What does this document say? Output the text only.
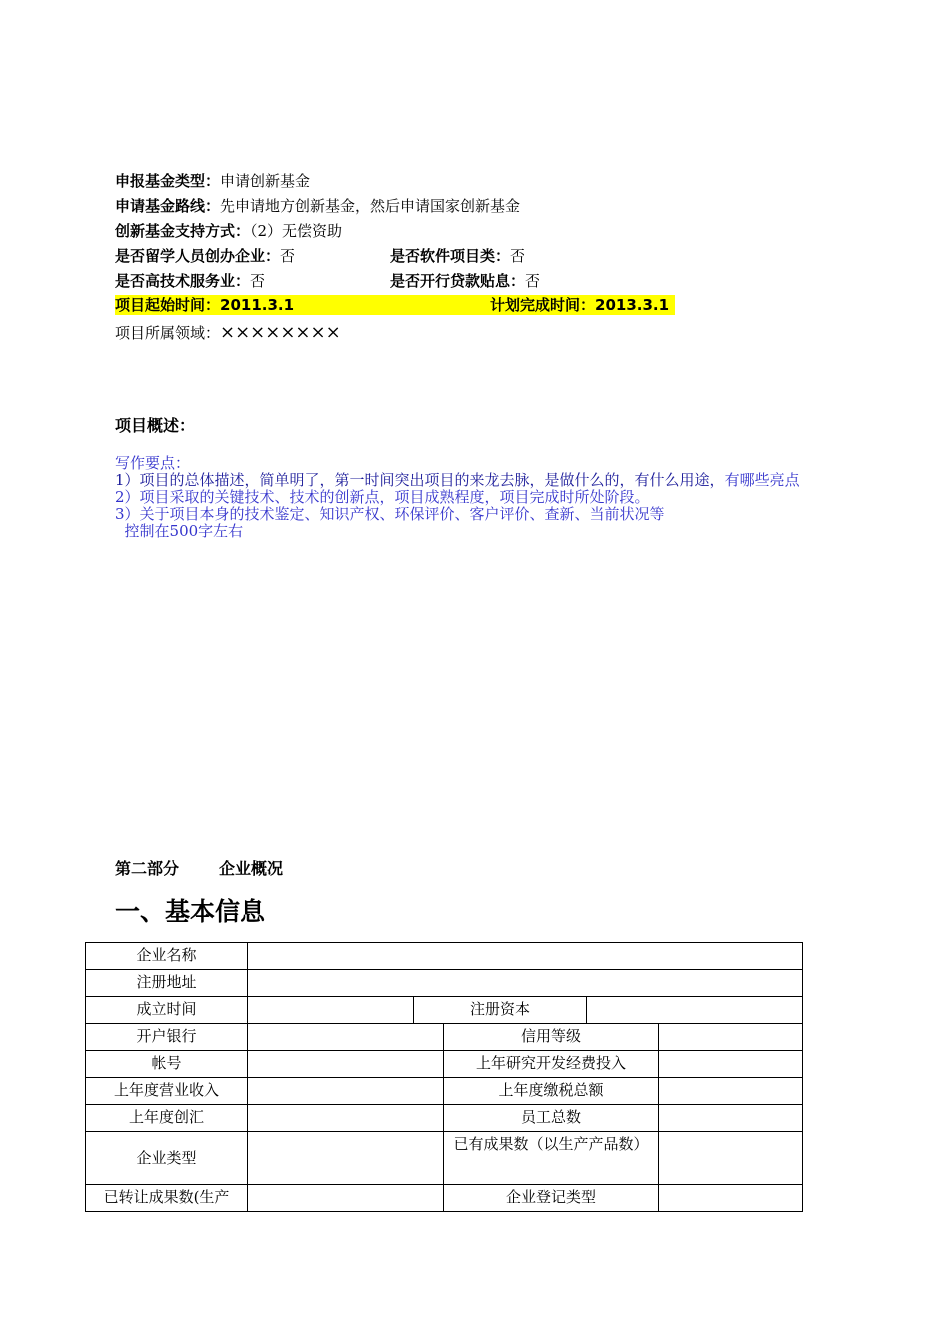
申报基金类型：申请创新基金
申请基金路线：先申请地方创新基金，然后申请国家创新基金
创新基金支持方式：（2）无偿资助
是否留学人员创办企业：否	是否软件项目类：否
是否高技术服务业：否	是否开行贷款贴息：否
项目起始时间：2011.3.1	计划完成时间：2013.3.1
项目所属领域：××××××××
项目概述：
写作要点：
1）项目的总体描述，简单明了，第一时间突出项目的来龙去脉，是做什么的，有什么用途，有哪些亮点
2）项目采取的关键技术、技术的创新点，项目成熟程度，项目完成时所处阶段。
3）关于项目本身的技术鉴定、知识产权、环保评价、客户评价、查新、当前状况等
控制在500字左右
第二部分	企业概况
一、基本信息
企业名称					
注册地址					
成立时间		注册资本			
开户银行			信用等级		
帐号			上年研究开发经费投入		
上年度营业收入			上年度缴税总额		
上年度创汇			员工总数		
企业类型			已有成果数（以生产产品数）		
已转让成果数(生产			企业登记类型		
